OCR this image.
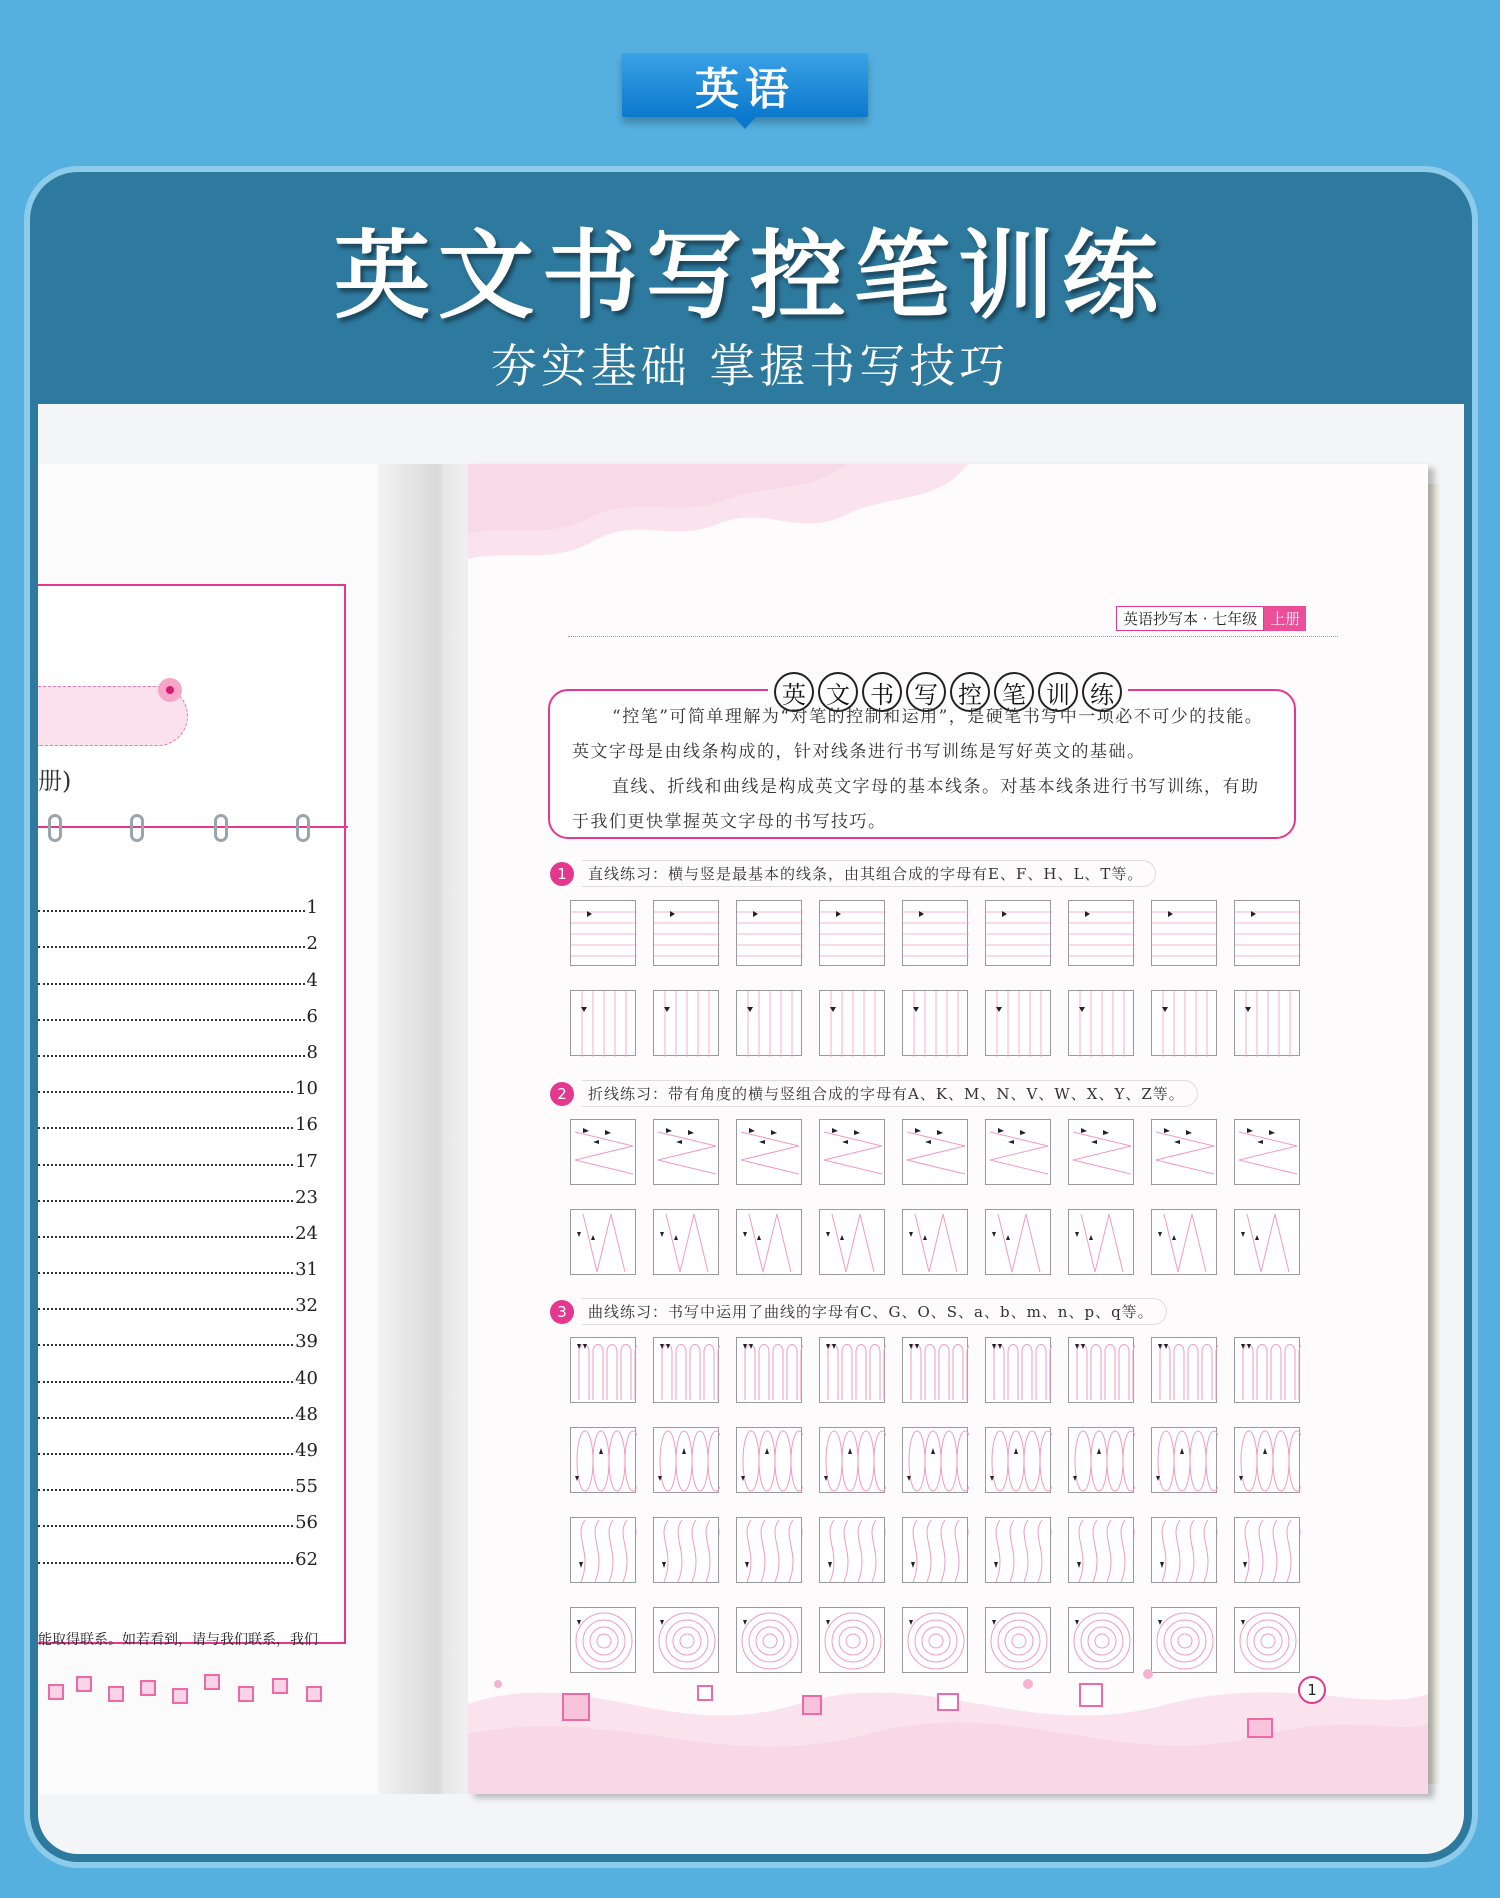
英语
册)
1
2
4
6
8
10
16
17
23
24
31
32
39
40
48
49
55
56
62
能取得联系。如若看到，请与我们联系，我们
英语抄写本 · 七年级 上册
英 文 书 写 控 笔 训 练

“控笔”可简单理解为“对笔的控制和运用”，是硬笔书写中一项必不可少的技能。英文字母是由线条构成的，针对线条进行书写训练是写好英文的基础。

直线、折线和曲线是构成英文字母的基本线条。对基本线条进行书写训练，有助于我们更快掌握英文字母的书写技巧。

1	直线练习：横与竖是最基本的线条，由其组合成的字母有E、F、H、L、T等。
2	折线练习：带有角度的横与竖组合成的字母有A、K、M、N、V、W、X、Y、Z等。
3	曲线练习：书写中运用了曲线的字母有C、G、O、S、a、b、m、n、p、q等。
1
英文书写控笔训练
夯实基础 掌握书写技巧
